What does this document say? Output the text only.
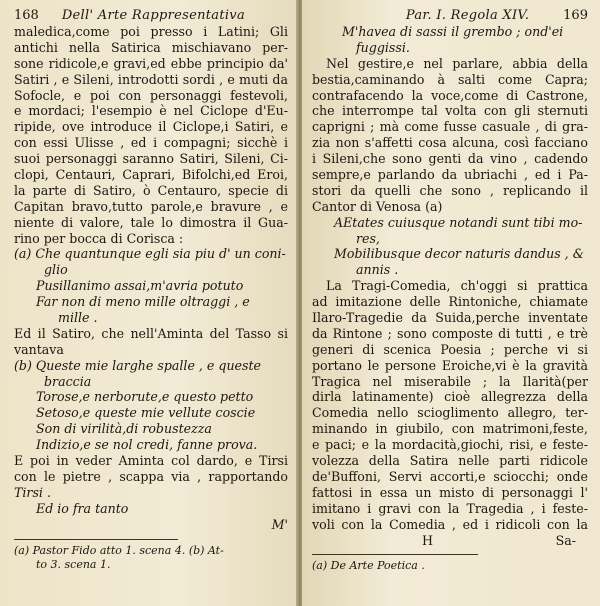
168 Dell' Arte Rappresentativa
maledica,come poi presso i Latini; Gli
antichi nella Satirica mischiavano per-
sone ridicole,e gravi,ed ebbe principio da'
Satiri , e Sileni, introdotti sordi , e muti da
Sofocle, e poi con personaggi festevoli,
e mordaci; l'esempio è nel Ciclope d'Eu-
ripide, ove introduce il Ciclope,i Satiri, e
con essi Ulisse , ed i compagni; sicchè i
suoi personaggi saranno Satiri, Sileni, Ci-
clopi, Centauri, Caprari, Bifolchi,ed Eroi,
la parte di Satiro, ò Centauro, specie di
Capitan bravo,tutto parole,e bravure , e
niente di valore, tale lo dimostra il Gua-
rino per bocca di Corisca :
(a) Che quantunque egli sia piu d' un coni-
glio
Pusillanimo assai,m'avria potuto
Far non di meno mille oltraggi , e
mille .
Ed il Satiro, che nell'Aminta del Tasso si
vantava
(b) Queste mie larghe spalle , e queste
braccia
Torose,e nerborute,e questo petto
Setoso,e queste mie vellute coscie
Son di virilità,di robustezza
Indizio,e se nol credi, fanne prova.
E poi in veder Aminta col dardo, e Tirsi
con le pietre , scappa via , rapportando
Tirsi .
Ed io fra tanto
M'
(a) Pastor Fido atto 1. scena 4. (b) At-
to 3. scena 1.
Par. I. Regola XIV.	169
M'havea di sassi il grembo ; ond'ei
fuggissi.
Nel gestire,e nel parlare, abbia della
bestia,caminando à salti come Capra;
contrafacendo la voce,come di Castrone,
che interrompe tal volta con gli sternuti
caprigni ; mà come fusse casuale , di gra-
zia non s'affetti cosa alcuna, così facciano
i Sileni,che sono genti da vino , cadendo
sempre,e parlando da ubriachi , ed i Pa-
stori da quelli che sono , replicando il
Cantor di Venosa (a)
AEtates cuiusque notandi sunt tibi mo-
res,
Mobilibusque decor naturis dandus , &
annis .
La Tragi-Comedia, ch'oggi si prattica
ad imitazione delle Rintoniche, chiamate
Ilaro-Tragedie da Suida,perche inventate
da Rintone ; sono composte di tutti , e trè
generi di scenica Poesia ; perche vi si
portano le persone Eroiche,vi è la gravità
Tragica nel miserabile ; la Ilarità(per
dirla latinamente) cioè allegrezza della
Comedia nello scioglimento allegro, ter-
minando in giubilo, con matrimoni,feste,
e paci; e la mordacità,giochi, risi, e feste-
volezza della Satira nelle parti ridicole
de'Buffoni, Servi accorti,e sciocchi; onde
fattosi in essa un misto di personaggi l'
imitano i gravi con la Tragedia , i feste-
voli con la Comedia , ed i ridicoli con la
H	Sa-
(a) De Arte Poetica .
